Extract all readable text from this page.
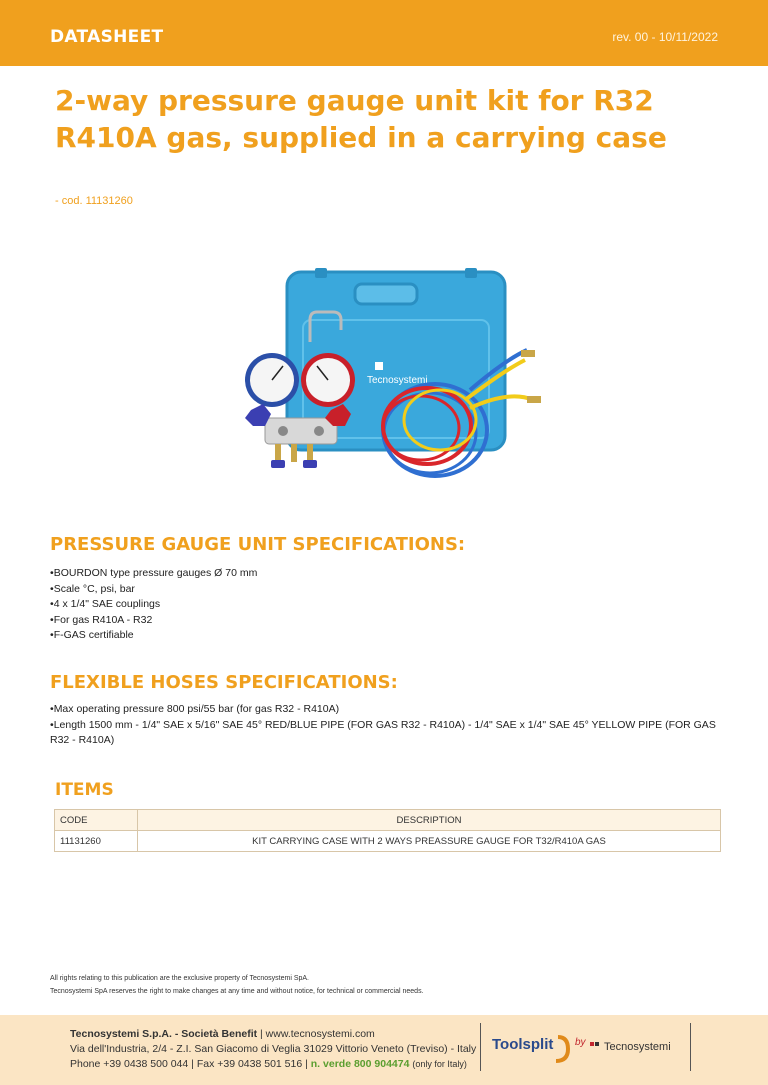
DATASHEET	rev. 00 - 10/11/2022
2-way pressure gauge unit kit for R32
R410A gas, supplied in a carrying case
- cod. 11131260
Tecnosystemi
PRESSURE GAUGE UNIT SPECIFICATIONS:
• BOURDON type pressure gauges Ø 70 mm
• Scale °C, psi, bar
• 4 x 1/4" SAE couplings
• For gas R410A - R32
• F-GAS certifiable
FLEXIBLE HOSES SPECIFICATIONS:
• Max operating pressure 800 psi/55 bar (for gas R32 - R410A)
• Length 1500 mm - 1/4" SAE x 5/16" SAE 45° RED/BLUE PIPE (FOR GAS R32 - R410A) - 1/4" SAE x 1/4" SAE 45° YELLOW PIPE (FOR GAS R32 - R410A)
ITEMS
CODE	DESCRIPTION
11131260	KIT CARRYING CASE WITH 2 WAYS PREASSURE GAUGE FOR T32/R410A GAS
All rights relating to this publication are the exclusive property of Tecnosystemi SpA.
Tecnosystemi SpA reserves the right to make changes at any time and without notice, for technical or commercial needs.
Tecnosystemi S.p.A. - Società Benefit | www.tecnosystemi.com
Via dell'Industria, 2/4 - Z.I. San Giacomo di Veglia 31029 Vittorio Veneto (Treviso) - Italy
Phone +39 0438 500 044 | Fax +39 0438 501 516 | n. verde 800 904474 (only for Italy)
Toolsplit by Tecnosystemi
